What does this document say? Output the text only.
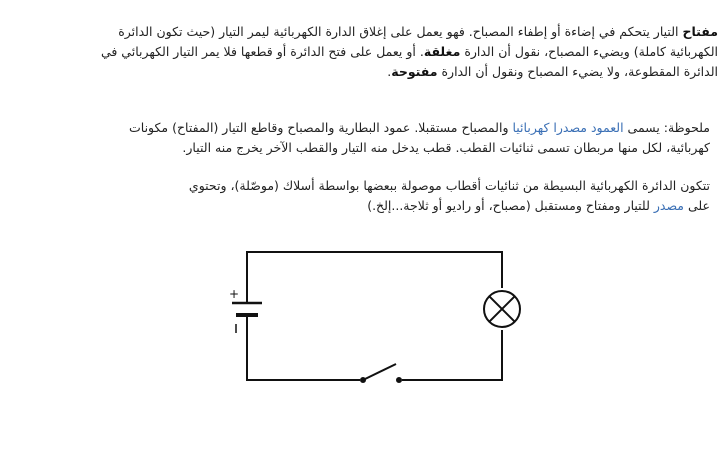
مفتاح التيار يتحكم في إضاءة أو إطفاء المصباح. فهو يعمل على إغلاق الدارة الكهربائية ليمر التيار (حيث تكون الدائرة
الكهربائية كاملة) ويضيء المصباح، نقول أن الدارة مغلقة. أو يعمل على فتح الدائرة أو قطعها فلا يمر التيار الكهربائي في
الدائرة المقطوعة، ولا يضيء المصباح ونقول أن الدارة مفتوحة.
ملحوظة: يسمى العمود مصدرا كهربائيا والمصباح مستقبلا. عمود البطارية والمصباح وقاطع التيار (المفتاح) مكونات
كهربائية، لكل منها مربطان تسمى ثنائيات القطب. قطب يدخل منه التيار والقطب الآخر يخرج منه التيار.
تتكون الدائرة الكهربائية البسيطة من ثنائيات أقطاب موصولة ببعضها بواسطة أسلاك (موصّلة)، وتحتوي
على مصدر للتيار ومفتاح ومستقبل (مصباح، أو راديو أو ثلاجة...إلخ.)
+
